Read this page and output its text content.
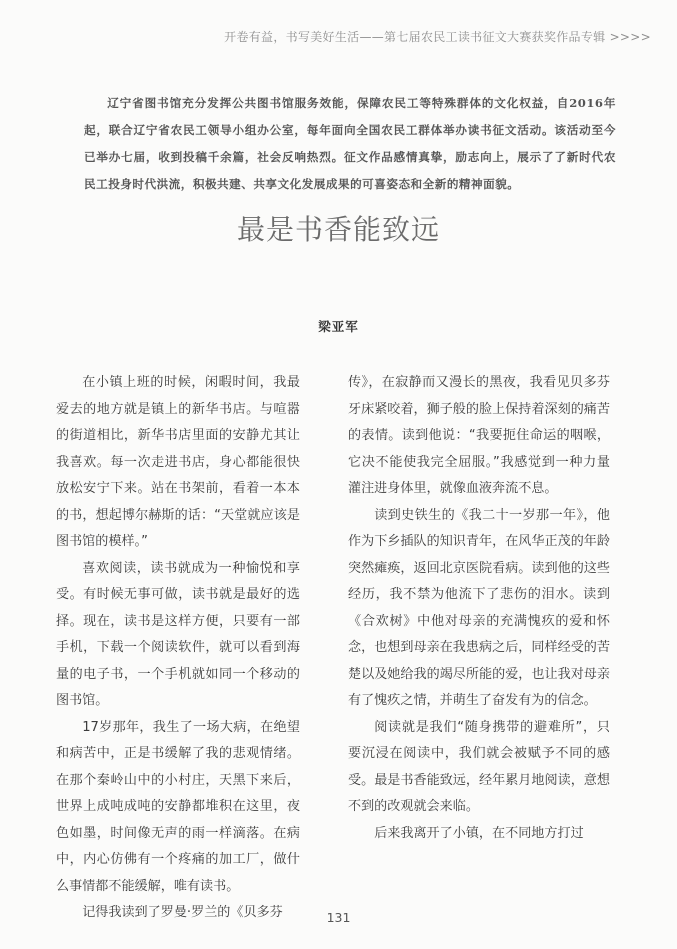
开卷有益，书写美好生活——第七届农民工读书征文大赛获奖作品专辑 >>>>

辽宁省图书馆充分发挥公共图书馆服务效能，保障农民工等特殊群体的文化权益，自2016年起，联合辽宁省农民工领导小组办公室，每年面向全国农民工群体举办读书征文活动。该活动至今已举办七届，收到投稿千余篇，社会反响热烈。征文作品感情真挚，励志向上，展示了了新时代农民工投身时代洪流，积极共建、共享文化发展成果的可喜姿态和全新的精神面貌。

最是书香能致远
梁亚军

在小镇上班的时候，闲暇时间，我最爱去的地方就是镇上的新华书店。与喧嚣的街道相比，新华书店里面的安静尤其让我喜欢。每一次走进书店，身心都能很快放松安宁下来。站在书架前，看着一本本的书，想起博尔赫斯的话：“天堂就应该是图书馆的模样。”

喜欢阅读，读书就成为一种愉悦和享受。有时候无事可做，读书就是最好的选择。现在，读书是这样方便，只要有一部手机，下载一个阅读软件，就可以看到海量的电子书，一个手机就如同一个移动的图书馆。

17岁那年，我生了一场大病，在绝望和病苦中，正是书缓解了我的悲观情绪。在那个秦岭山中的小村庄，天黑下来后，世界上成吨成吨的安静都堆积在这里，夜色如墨，时间像无声的雨一样滴落。在病中，内心仿佛有一个疼痛的加工厂，做什么事情都不能缓解，唯有读书。

记得我读到了罗曼·罗兰的《贝多芬

传》，在寂静而又漫长的黑夜，我看见贝多芬牙床紧咬着，狮子般的脸上保持着深刻的痛苦的表情。读到他说：“我要扼住命运的咽喉，它决不能使我完全屈服。”我感觉到一种力量灌注进身体里，就像血液奔流不息。

读到史铁生的《我二十一岁那一年》，他作为下乡插队的知识青年，在风华正茂的年龄突然瘫痪，返回北京医院看病。读到他的这些经历，我不禁为他流下了悲伤的泪水。读到《合欢树》中他对母亲的充满愧疚的爱和怀念，也想到母亲在我患病之后，同样经受的苦楚以及她给我的竭尽所能的爱，也让我对母亲有了愧疚之情，并萌生了奋发有为的信念。

阅读就是我们“随身携带的避难所”，只要沉浸在阅读中，我们就会被赋予不同的感受。最是书香能致远，经年累月地阅读，意想不到的改观就会来临。

后来我离开了小镇，在不同地方打过

131
